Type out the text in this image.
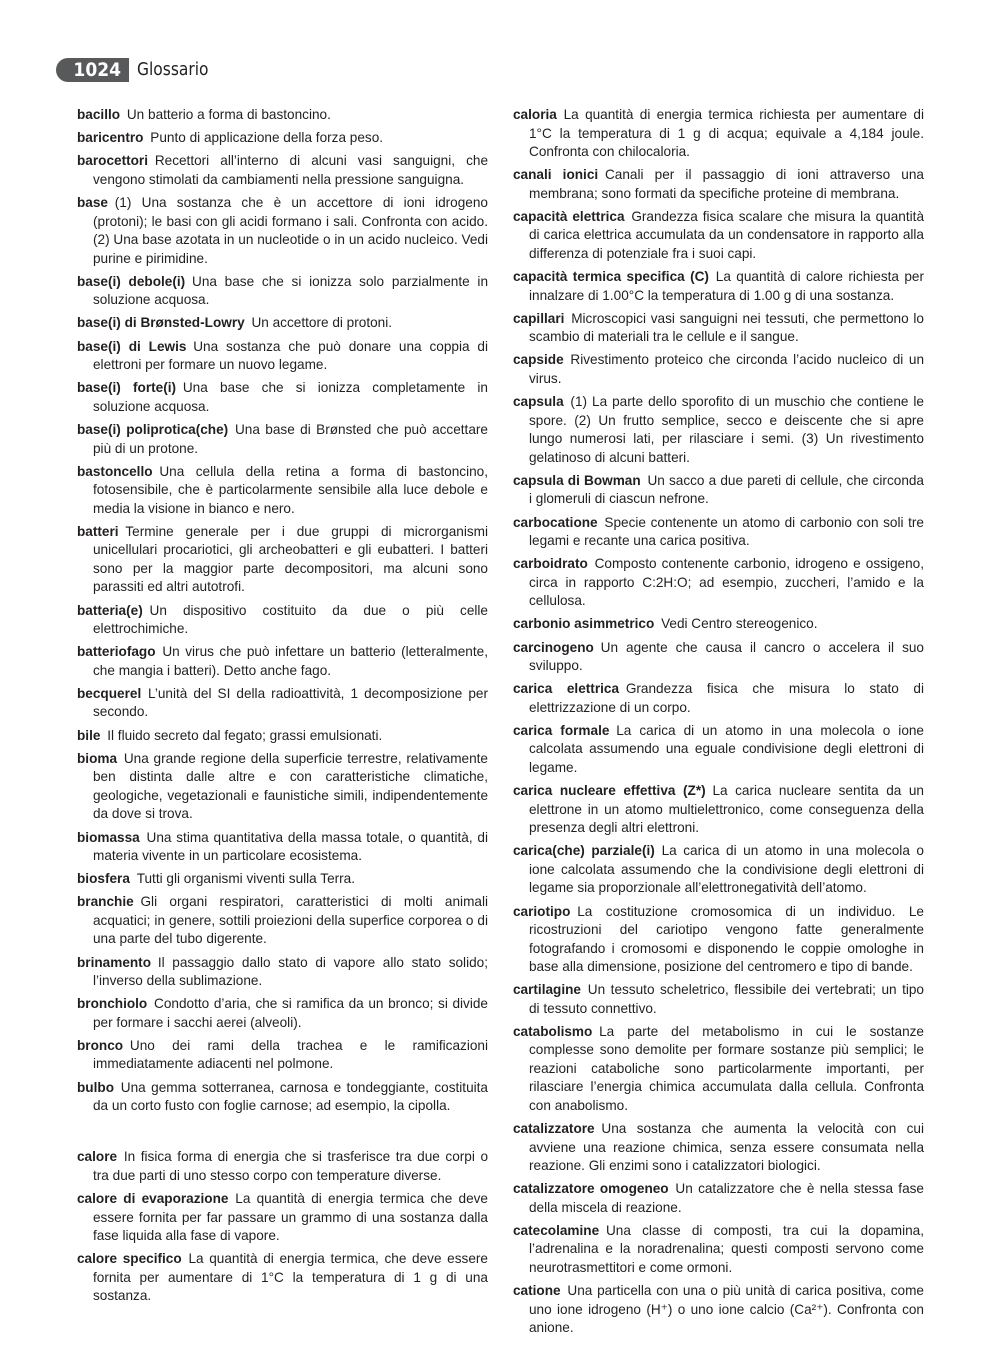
1024 Glossario

bacillo  Un batterio a forma di bastoncino.

baricentro  Punto di applicazione della forza peso.

barocettori  Recettori all’interno di alcuni vasi sanguigni, che vengono stimolati da cambiamenti nella pressione sanguigna.

base  (1) Una sostanza che è un accettore di ioni idrogeno (protoni); le basi con gli acidi formano i sali. Confronta con acido. (2) Una base azotata in un nucleotide o in un acido nucleico. Vedi purine e pirimidine.

base(i) debole(i)  Una base che si ionizza solo parzialmente in soluzione acquosa.

base(i) di Brønsted-Lowry  Un accettore di protoni.

base(i) di Lewis  Una sostanza che può donare una coppia di elettroni per formare un nuovo legame.

base(i) forte(i)  Una base che si ionizza completamente in soluzione acquosa.

base(i) poliprotica(che)  Una base di Brønsted che può accettare più di un protone.

bastoncello  Una cellula della retina a forma di bastoncino, fotosensibile, che è particolarmente sensibile alla luce debole e media la visione in bianco e nero.

batteri  Termine generale per i due gruppi di microrganismi unicellulari procariotici, gli archeobatteri e gli eubatteri. I batteri sono per la maggior parte decompositori, ma alcuni sono parassiti ed altri autotrofi.

batteria(e)  Un dispositivo costituito da due o più celle elettrochimiche.

batteriofago  Un virus che può infettare un batterio (letteralmente, che mangia i batteri). Detto anche fago.

becquerel  L’unità del SI della radioattività, 1 decomposizione per secondo.

bile  Il fluido secreto dal fegato; grassi emulsionati.

bioma  Una grande regione della superficie terrestre, relativamente ben distinta dalle altre e con caratteristiche climatiche, geologiche, vegetazionali e faunistiche simili, indipendentemente da dove si trova.

biomassa  Una stima quantitativa della massa totale, o quantità, di materia vivente in un particolare ecosistema.

biosfera  Tutti gli organismi viventi sulla Terra.

branchie  Gli organi respiratori, caratteristici di molti animali acquatici; in genere, sottili proiezioni della superfice corporea o di una parte del tubo digerente.

brinamento  Il passaggio dallo stato di vapore allo stato solido; l’inverso della sublimazione.

bronchiolo  Condotto d’aria, che si ramifica da un bronco; si divide per formare i sacchi aerei (alveoli).

bronco  Uno dei rami della trachea e le ramificazioni immediatamente adiacenti nel polmone.

bulbo  Una gemma sotterranea, carnosa e tondeggiante, costituita da un corto fusto con foglie carnose; ad esempio, la cipolla.

calore  In fisica forma di energia che si trasferisce tra due corpi o tra due parti di uno stesso corpo con temperature diverse.

calore di evaporazione  La quantità di energia termica che deve essere fornita per far passare un grammo di una sostanza dalla fase liquida alla fase di vapore.

calore specifico  La quantità di energia termica, che deve essere fornita per aumentare di 1°C la temperatura di 1 g di una sostanza.

caloria  La quantità di energia termica richiesta per aumentare di 1°C la temperatura di 1 g di acqua; equivale a 4,184 joule. Confronta con chilocaloria.

canali ionici  Canali per il passaggio di ioni attraverso una membrana; sono formati da specifiche proteine di membrana.

capacità elettrica  Grandezza fisica scalare che misura la quantità di carica elettrica accumulata da un condensatore in rapporto alla differenza di potenziale fra i suoi capi.

capacità termica specifica (C)  La quantità di calore richiesta per innalzare di 1.00°C la temperatura di 1.00 g di una sostanza.

capillari  Microscopici vasi sanguigni nei tessuti, che permettono lo scambio di materiali tra le cellule e il sangue.

capside  Rivestimento proteico che circonda l’acido nucleico di un virus.

capsula  (1) La parte dello sporofito di un muschio che contiene le spore. (2) Un frutto semplice, secco e deiscente che si apre lungo numerosi lati, per rilasciare i semi. (3) Un rivestimento gelatinoso di alcuni batteri.

capsula di Bowman  Un sacco a due pareti di cellule, che circonda i glomeruli di ciascun nefrone.

carbocatione  Specie contenente un atomo di carbonio con soli tre legami e recante una carica positiva.

carboidrato  Composto contenente carbonio, idrogeno e ossigeno, circa in rapporto C:2H:O; ad esempio, zuccheri, l’amido e la cellulosa.

carbonio asimmetrico  Vedi Centro stereogenico.

carcinogeno  Un agente che causa il cancro o accelera il suo sviluppo.

carica elettrica  Grandezza fisica che misura lo stato di elettrizzazione di un corpo.

carica formale  La carica di un atomo in una molecola o ione calcolata assumendo una eguale condivisione degli elettroni di legame.

carica nucleare effettiva (Z*)  La carica nucleare sentita da un elettrone in un atomo multielettronico, come conseguenza della presenza degli altri elettroni.

carica(che) parziale(i)  La carica di un atomo in una molecola o ione calcolata assumendo che la condivisione degli elettroni di legame sia proporzionale all’elettronegatività dell’atomo.

cariotipo  La costituzione cromosomica di un individuo. Le ricostruzioni del cariotipo vengono fatte generalmente fotografando i cromosomi e disponendo le coppie omologhe in base alla dimensione, posizione del centromero e tipo di bande.

cartilagine  Un tessuto scheletrico, flessibile dei vertebrati; un tipo di tessuto connettivo.

catabolismo  La parte del metabolismo in cui le sostanze complesse sono demolite per formare sostanze più semplici; le reazioni cataboliche sono particolarmente importanti, per rilasciare l’energia chimica accumulata dalla cellula. Confronta con anabolismo.

catalizzatore  Una sostanza che aumenta la velocità con cui avviene una reazione chimica, senza essere consumata nella reazione. Gli enzimi sono i catalizzatori biologici.

catalizzatore omogeneo  Un catalizzatore che è nella stessa fase della miscela di reazione.

catecolamine  Una classe di composti, tra cui la dopamina, l’adrenalina e la noradrenalina; questi composti servono come neurotrasmettitori e come ormoni.

catione  Una particella con una o più unità di carica positiva, come uno ione idrogeno (H⁺) o uno ione calcio (Ca²⁺). Confronta con anione.
